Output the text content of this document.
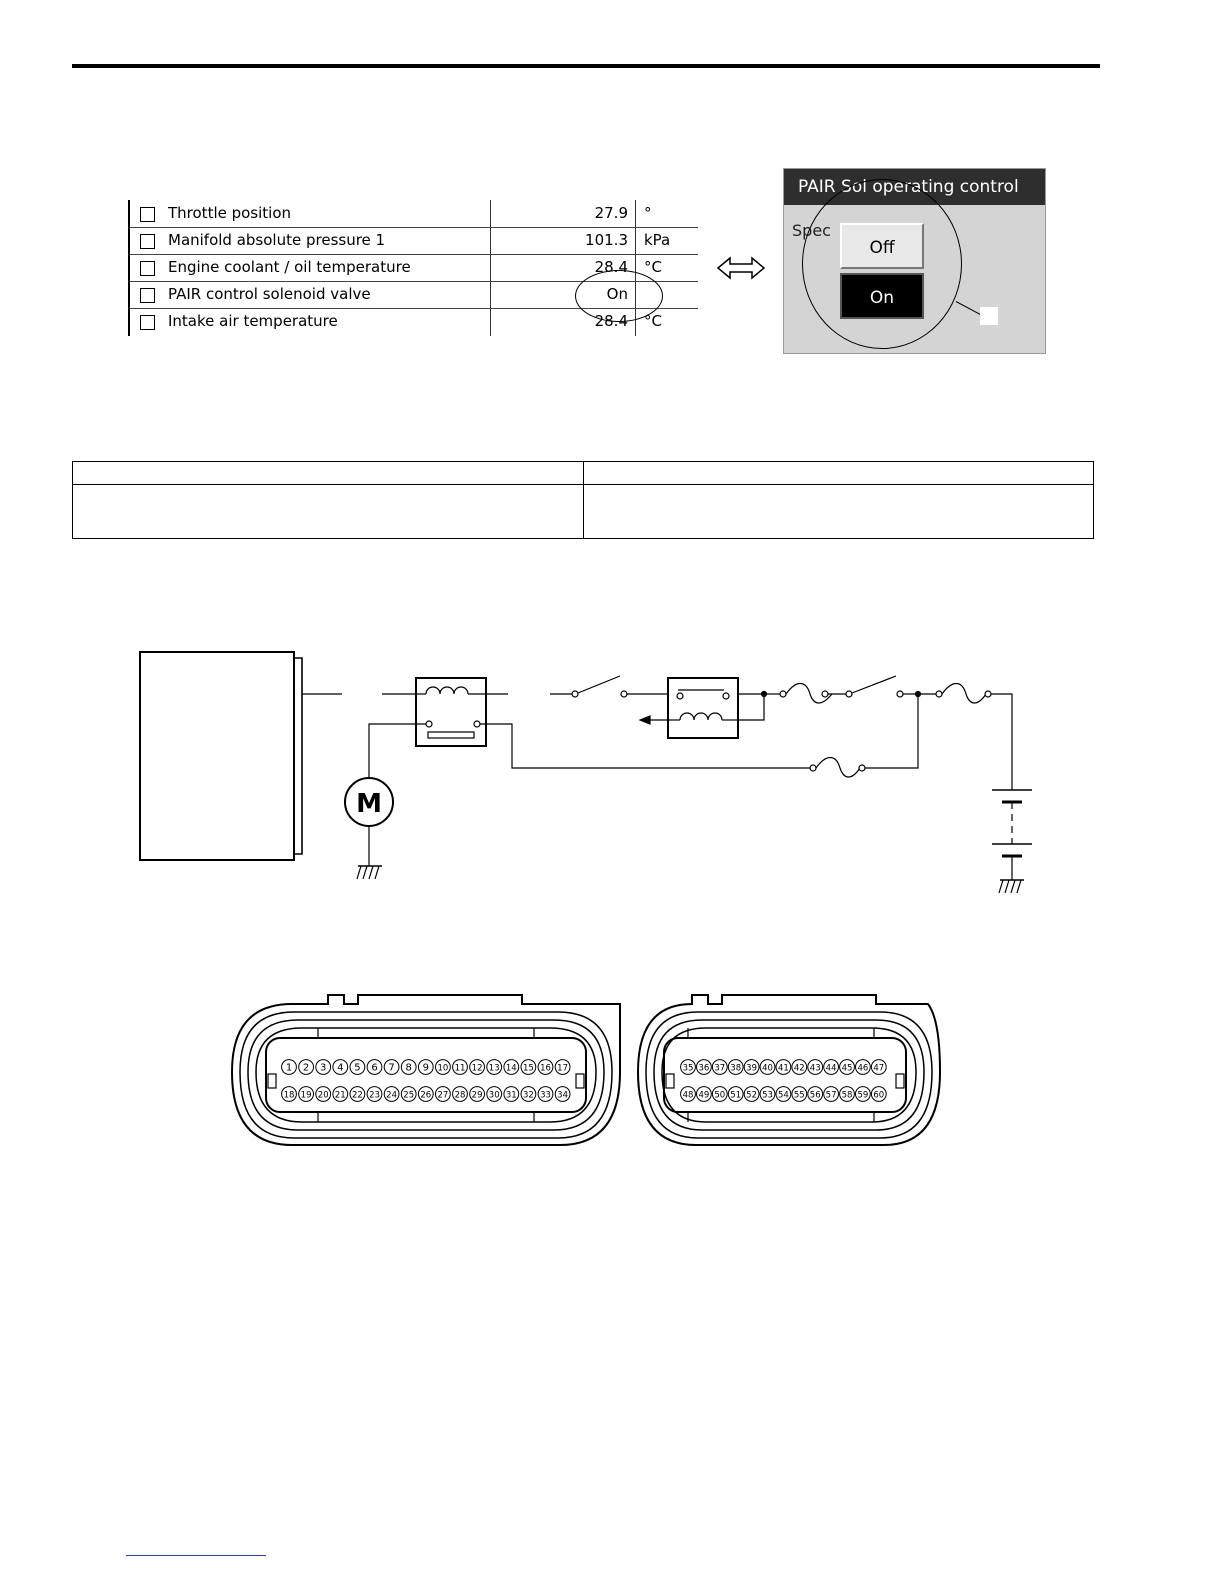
Throttle position	27.9 °
Manifold absolute pressure 1	101.3 kPa
Engine coolant / oil temperature	28.4 °C
PAIR control solenoid valve	On
Intake air temperature	28.4 °C
PAIR Sol operating control
Spec
Off
On

M
1 2 3 4 5 6 7 8 9 10 11 12 13 14 15 16 17
18 19 20 21 22 23 24 25 26 27 28 29 30 31 32 33 34
35 36 37 38 39 40 41 42 43 44 45 46 47
48 49 50 51 52 53 54 55 56 57 58 59 60
